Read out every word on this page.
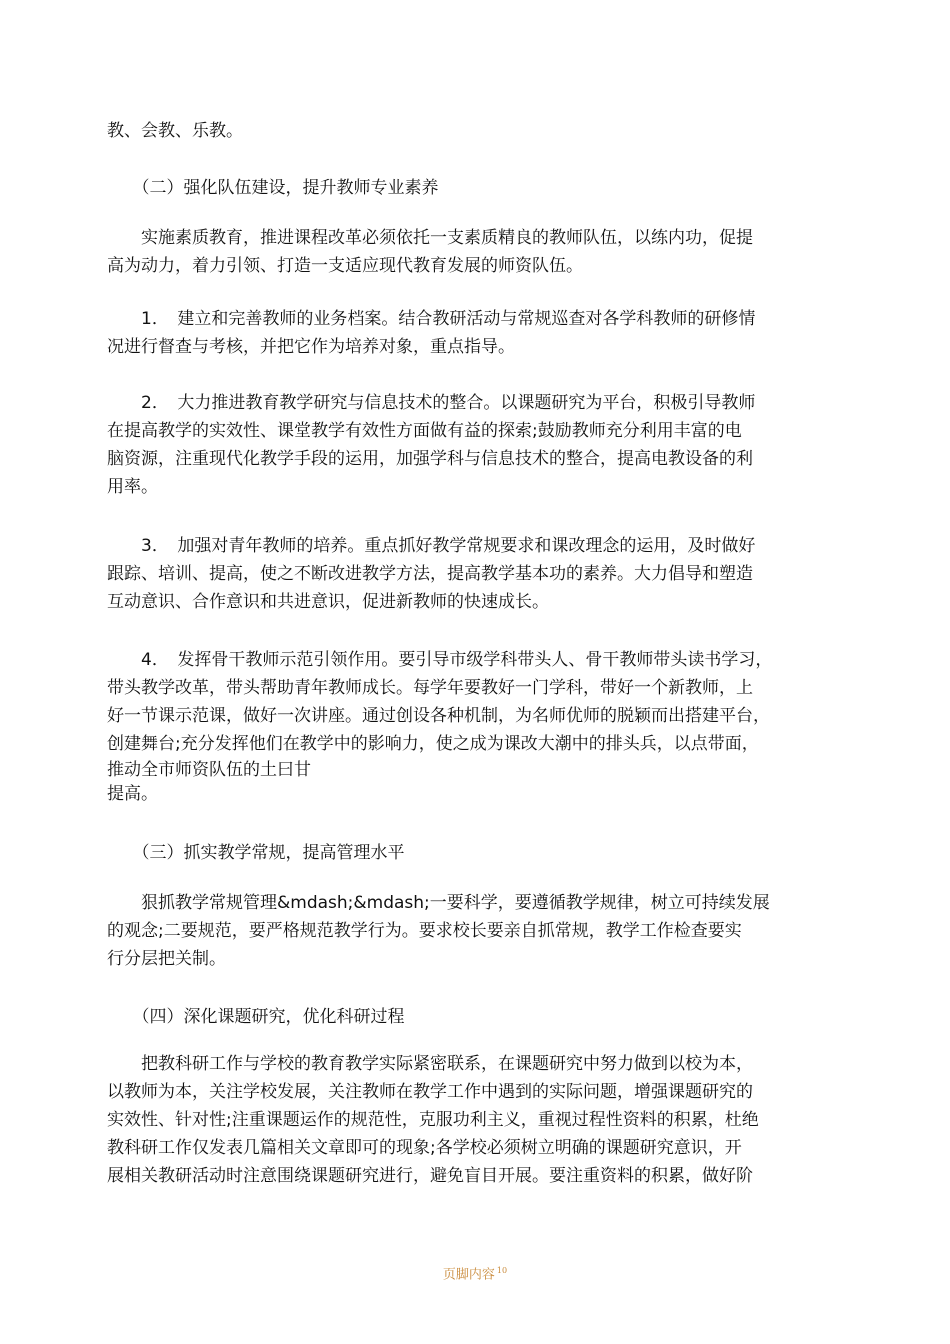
教、会教、乐教。

　　（二）强化队伍建设，提升教师专业素养

　　实施素质教育，推进课程改革必须依托一支素质精良的教师队伍，以练内功，促提

高为动力，着力引领、打造一支适应现代教育发展的师资队伍。

　　1．　建立和完善教师的业务档案。结合教研活动与常规巡查对各学科教师的研修情

况进行督查与考核，并把它作为培养对象，重点指导。

　　2．　大力推进教育教学研究与信息技术的整合。以课题研究为平台，积极引导教师

在提高教学的实效性、课堂教学有效性方面做有益的探索;鼓励教师充分利用丰富的电

脑资源，注重现代化教学手段的运用，加强学科与信息技术的整合，提高电教设备的利

用率。

　　3．　加强对青年教师的培养。重点抓好教学常规要求和课改理念的运用，及时做好

跟踪、培训、提高，使之不断改进教学方法，提高教学基本功的素养。大力倡导和塑造

互动意识、合作意识和共进意识，促进新教师的快速成长。

　　4．　发挥骨干教师示范引领作用。要引导市级学科带头人、骨干教师带头读书学习，

带头教学改革，带头帮助青年教师成长。每学年要教好一门学科，带好一个新教师，上

好一节课示范课，做好一次讲座。通过创设各种机制，为名师优师的脱颖而出搭建平台，

创建舞台;充分发挥他们在教学中的影响力，使之成为课改大潮中的排头兵，以点带面，

推动全市师资队伍的土曰甘

提高。

　　（三）抓实教学常规，提高管理水平

　　狠抓教学常规管理&mdash;&mdash;一要科学，要遵循教学规律，树立可持续发展

的观念;二要规范，要严格规范教学行为。要求校长要亲自抓常规，教学工作检查要实

行分层把关制。

　　（四）深化课题研究，优化科研过程

　　把教科研工作与学校的教育教学实际紧密联系，在课题研究中努力做到以校为本，

以教师为本，关注学校发展，关注教师在教学工作中遇到的实际问题，增强课题研究的

实效性、针对性;注重课题运作的规范性，克服功利主义，重视过程性资料的积累，杜绝

教科研工作仅发表几篇相关文章即可的现象;各学校必须树立明确的课题研究意识，开

展相关教研活动时注意围绕课题研究进行，避免盲目开展。要注重资料的积累，做好阶

页脚内容 $^{10}$
